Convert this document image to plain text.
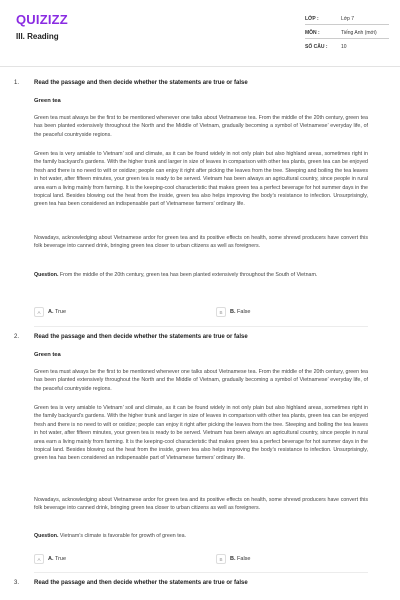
QUIZIZZ
III. Reading
LỚP :	Lớp 7
MÔN :	Tiếng Anh (mới)
SỐ CÂU :	10
1. Read the passage and then decide whether the statements are true or false
Green tea

Green tea must always be the first to be mentioned whenever one talks about Vietnamese tea. From the middle of the 20th century, green tea has been planted extensively throughout the North and the Middle of Vietnam, gradually becoming a symbol of Vietnamese’ everyday life, of the peaceful countryside regions.

Green tea is very amiable to Vietnam’ soil and climate, as it can be found widely in not only plain but also highland areas, sometimes right in the family backyard’s gardens. With the higher trunk and larger in size of leaves in comparison with other tea plants, green tea can be enjoyed fresh and there is no need to wilt or oxidize; people can enjoy it right after picking the leaves from the tree. Steeping and boiling the tea leaves in hot water, after fifteen minutes, your green tea is ready to be served. Vietnam has been always an agricultural country, since people in rural area earn a living mainly from farming. It is the keeping-cool characteristic that makes green tea a perfect beverage for hot summer days in the tropical land. Besides blowing out the heat from the inside, green tea also helps improving the body’s resistance to infection. Unsurprisingly, green tea has been considered an indispensable part of Vietnamese farmers’ ordinary life.

Nowadays, acknowledging about Vietnamese ardor for green tea and its positive effects on health, some shrewd producers have convert this folk beverage into canned drink, bringing green tea closer to urban citizens as well as foreigners.

Question. From the middle of the 20th century, green tea has been planted extensively throughout the South of Vietnam.
A	A. True	B	B. False
2. Read the passage and then decide whether the statements are true or false
Green tea

Green tea must always be the first to be mentioned whenever one talks about Vietnamese tea. From the middle of the 20th century, green tea has been planted extensively throughout the North and the Middle of Vietnam, gradually becoming a symbol of Vietnamese’ everyday life, of the peaceful countryside regions.

Green tea is very amiable to Vietnam’ soil and climate, as it can be found widely in not only plain but also highland areas, sometimes right in the family backyard’s gardens. With the higher trunk and larger in size of leaves in comparison with other tea plants, green tea can be enjoyed fresh and there is no need to wilt or oxidize; people can enjoy it right after picking the leaves from the tree. Steeping and boiling the tea leaves in hot water, after fifteen minutes, your green tea is ready to be served. Vietnam has been always an agricultural country, since people in rural area earn a living mainly from farming. It is the keeping-cool characteristic that makes green tea a perfect beverage for hot summer days in the tropical land. Besides blowing out the heat from the inside, green tea also helps improving the body’s resistance to infection. Unsurprisingly, green tea has been considered an indispensable part of Vietnamese farmers’ ordinary life.

Nowadays, acknowledging about Vietnamese ardor for green tea and its positive effects on health, some shrewd producers have convert this folk beverage into canned drink, bringing green tea closer to urban citizens as well as foreigners.

Question. Vietnam’s climate is favorable for growth of green tea.
A	A. True	B	B. False
3. Read the passage and then decide whether the statements are true or false
